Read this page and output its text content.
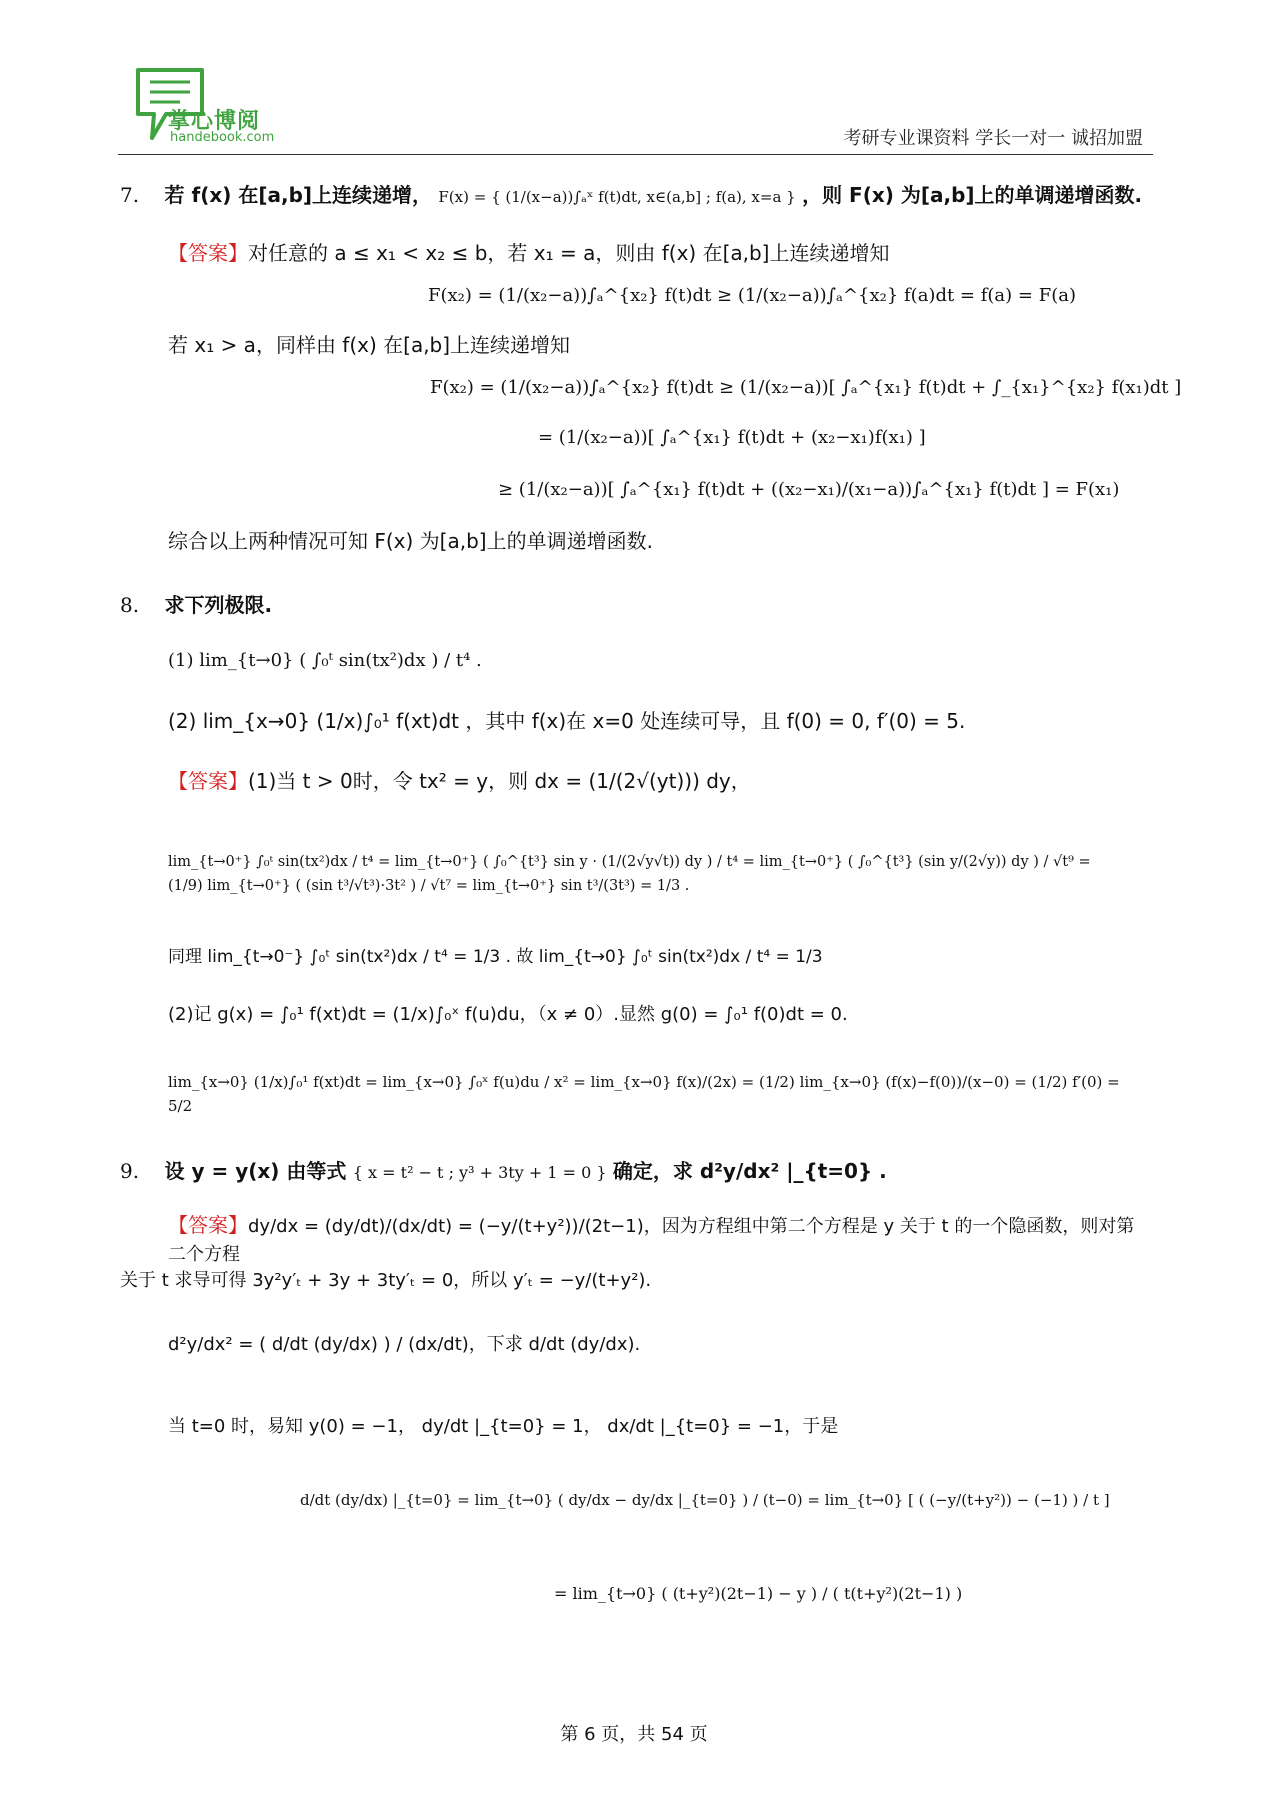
掌心博阅
handebook.com	考研专业课资料 学长一对一 诚招加盟
7. 若 f(x) 在[a,b]上连续递增， F(x) = { (1/(x−a))∫ₐˣ f(t)dt, x∈(a,b] ; f(a), x=a } ，则 F(x) 为[a,b]上的单调递增函数.
【答案】对任意的 a ≤ x₁ < x₂ ≤ b，若 x₁ = a，则由 f(x) 在[a,b]上连续递增知
F(x₂) = (1/(x₂−a))∫ₐ^{x₂} f(t)dt ≥ (1/(x₂−a))∫ₐ^{x₂} f(a)dt = f(a) = F(a)
若 x₁ > a，同样由 f(x) 在[a,b]上连续递增知
F(x₂) = (1/(x₂−a))∫ₐ^{x₂} f(t)dt ≥ (1/(x₂−a))[ ∫ₐ^{x₁} f(t)dt + ∫_{x₁}^{x₂} f(x₁)dt ]
= (1/(x₂−a))[ ∫ₐ^{x₁} f(t)dt + (x₂−x₁)f(x₁) ]
≥ (1/(x₂−a))[ ∫ₐ^{x₁} f(t)dt + ((x₂−x₁)/(x₁−a))∫ₐ^{x₁} f(t)dt ] = F(x₁)
综合以上两种情况可知 F(x) 为[a,b]上的单调递增函数.
8. 求下列极限.
(1) lim_{t→0} ( ∫₀ᵗ sin(tx²)dx ) / t⁴ .
(2) lim_{x→0} (1/x)∫₀¹ f(xt)dt ，其中 f(x)在 x=0 处连续可导，且 f(0) = 0, f′(0) = 5.
【答案】(1)当 t > 0时，令 tx² = y，则 dx = (1/(2√(yt))) dy，
lim_{t→0⁺} ∫₀ᵗ sin(tx²)dx / t⁴ = lim_{t→0⁺} ( ∫₀^{t³} sin y · (1/(2√y√t)) dy ) / t⁴ = lim_{t→0⁺} ( ∫₀^{t³} (sin y/(2√y)) dy ) / √t⁹ = (1/9) lim_{t→0⁺} ( (sin t³/√t³)·3t² ) / √t⁷ = lim_{t→0⁺} sin t³/(3t³) = 1/3 .
同理 lim_{t→0⁻} ∫₀ᵗ sin(tx²)dx / t⁴ = 1/3 . 故 lim_{t→0} ∫₀ᵗ sin(tx²)dx / t⁴ = 1/3
(2)记 g(x) = ∫₀¹ f(xt)dt = (1/x)∫₀ˣ f(u)du，（x ≠ 0）.显然 g(0) = ∫₀¹ f(0)dt = 0.
lim_{x→0} (1/x)∫₀¹ f(xt)dt = lim_{x→0} ∫₀ˣ f(u)du / x² = lim_{x→0} f(x)/(2x) = (1/2) lim_{x→0} (f(x)−f(0))/(x−0) = (1/2) f′(0) = 5/2
9. 设 y = y(x) 由等式 { x = t² − t ; y³ + 3ty + 1 = 0 } 确定，求 d²y/dx² |_{t=0} .
【答案】dy/dx = (dy/dt)/(dx/dt) = (−y/(t+y²))/(2t−1)，因为方程组中第二个方程是 y 关于 t 的一个隐函数，则对第二个方程
关于 t 求导可得 3y²y′ₜ + 3y + 3ty′ₜ = 0，所以 y′ₜ = −y/(t+y²).
d²y/dx² = ( d/dt (dy/dx) ) / (dx/dt)，下求 d/dt (dy/dx).
当 t=0 时，易知 y(0) = −1， dy/dt |_{t=0} = 1， dx/dt |_{t=0} = −1，于是
d/dt (dy/dx) |_{t=0} = lim_{t→0} ( dy/dx − dy/dx |_{t=0} ) / (t−0) = lim_{t→0} [ ( (−y/(t+y²)) − (−1) ) / t ]
= lim_{t→0} ( (t+y²)(2t−1) − y ) / ( t(t+y²)(2t−1) )
第 6 页，共 54 页
